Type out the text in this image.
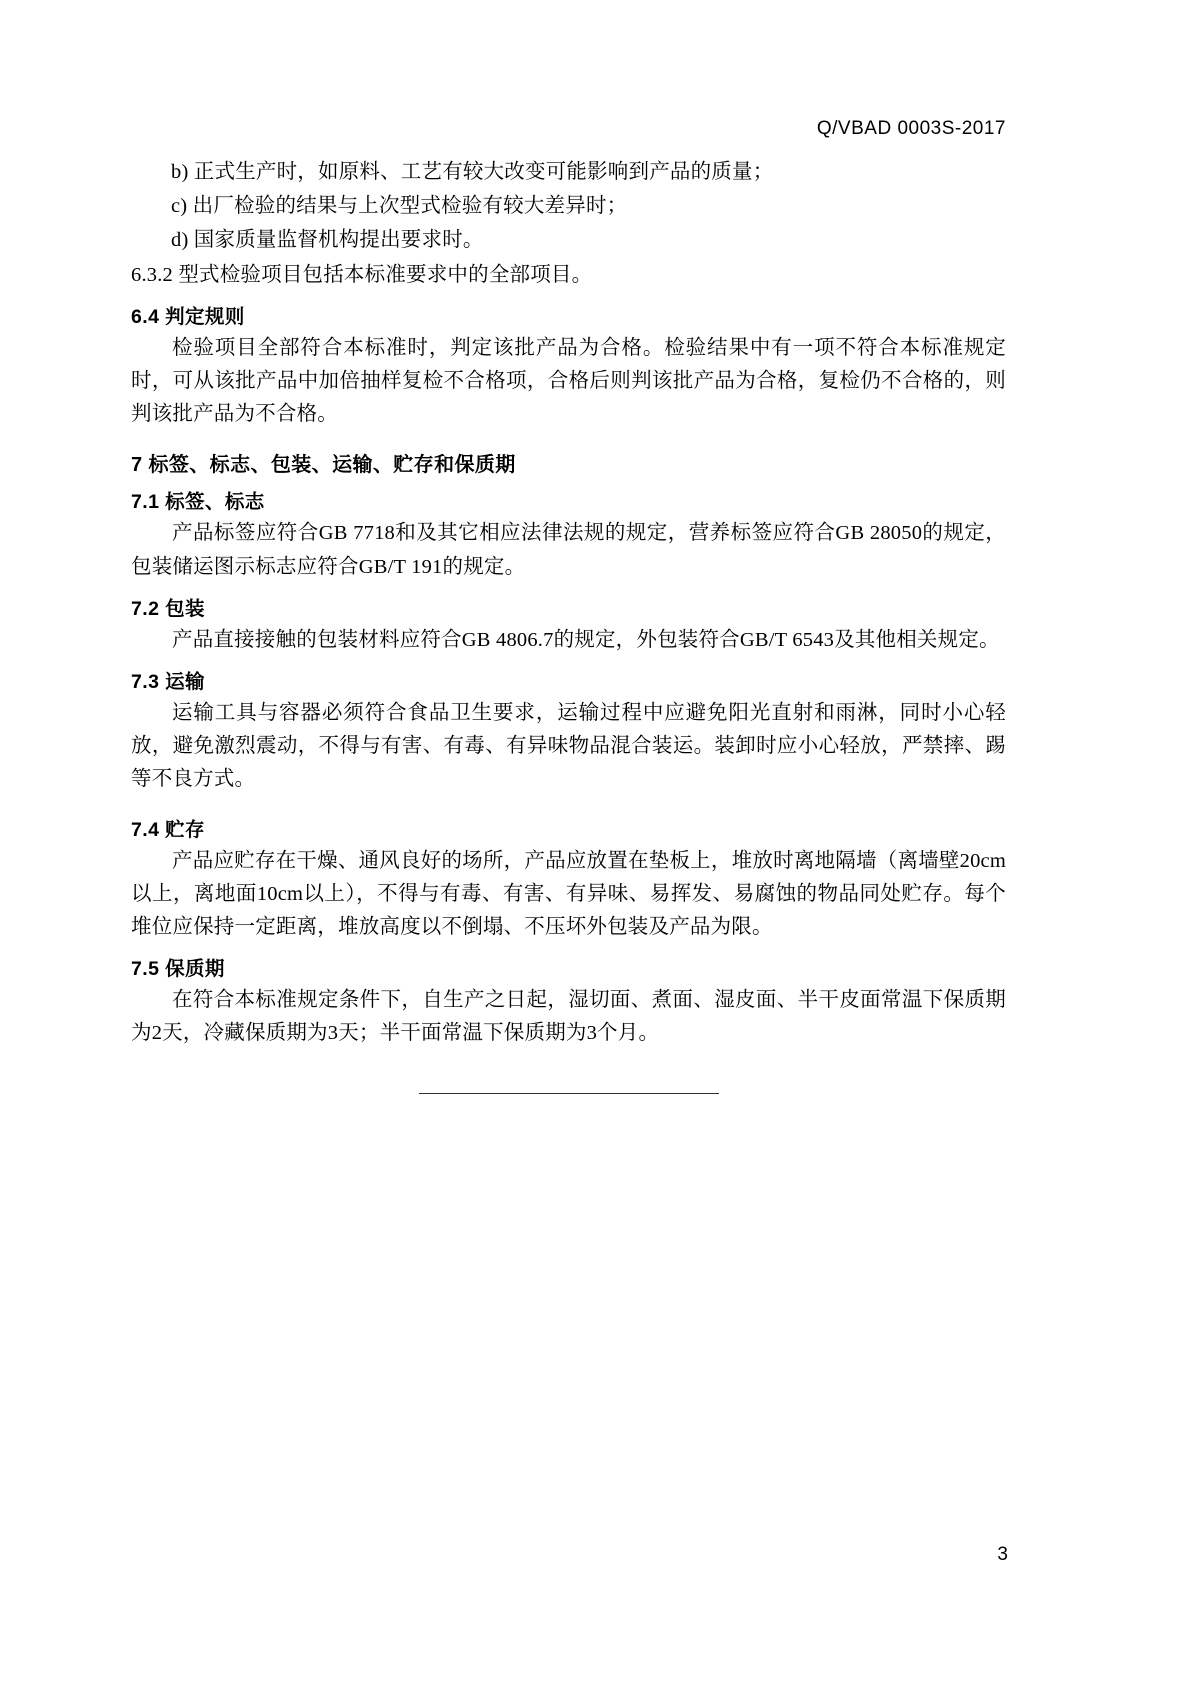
Q/VBAD 0003S-2017

b) 正式生产时，如原料、工艺有较大改变可能影响到产品的质量；

c) 出厂检验的结果与上次型式检验有较大差异时；

d) 国家质量监督机构提出要求时。

6.3.2 型式检验项目包括本标准要求中的全部项目。

6.4 判定规则

检验项目全部符合本标准时，判定该批产品为合格。检验结果中有一项不符合本标准规定时，可从该批产品中加倍抽样复检不合格项，合格后则判该批产品为合格，复检仍不合格的，则判该批产品为不合格。

7 标签、标志、包装、运输、贮存和保质期
7.1 标签、标志

产品标签应符合GB 7718和及其它相应法律法规的规定，营养标签应符合GB 28050的规定，包装储运图示标志应符合GB/T 191的规定。

7.2 包装

产品直接接触的包装材料应符合GB 4806.7的规定，外包装符合GB/T 6543及其他相关规定。

7.3 运输

运输工具与容器必须符合食品卫生要求，运输过程中应避免阳光直射和雨淋，同时小心轻放，避免激烈震动，不得与有害、有毒、有异味物品混合装运。装卸时应小心轻放，严禁摔、踢等不良方式。

7.4 贮存

产品应贮存在干燥、通风良好的场所，产品应放置在垫板上，堆放时离地隔墙（离墙壁20cm以上，离地面10cm以上），不得与有毒、有害、有异味、易挥发、易腐蚀的物品同处贮存。每个堆位应保持一定距离，堆放高度以不倒塌、不压坏外包装及产品为限。

7.5 保质期

在符合本标准规定条件下，自生产之日起，湿切面、煮面、湿皮面、半干皮面常温下保质期为2天，冷藏保质期为3天；半干面常温下保质期为3个月。

3
